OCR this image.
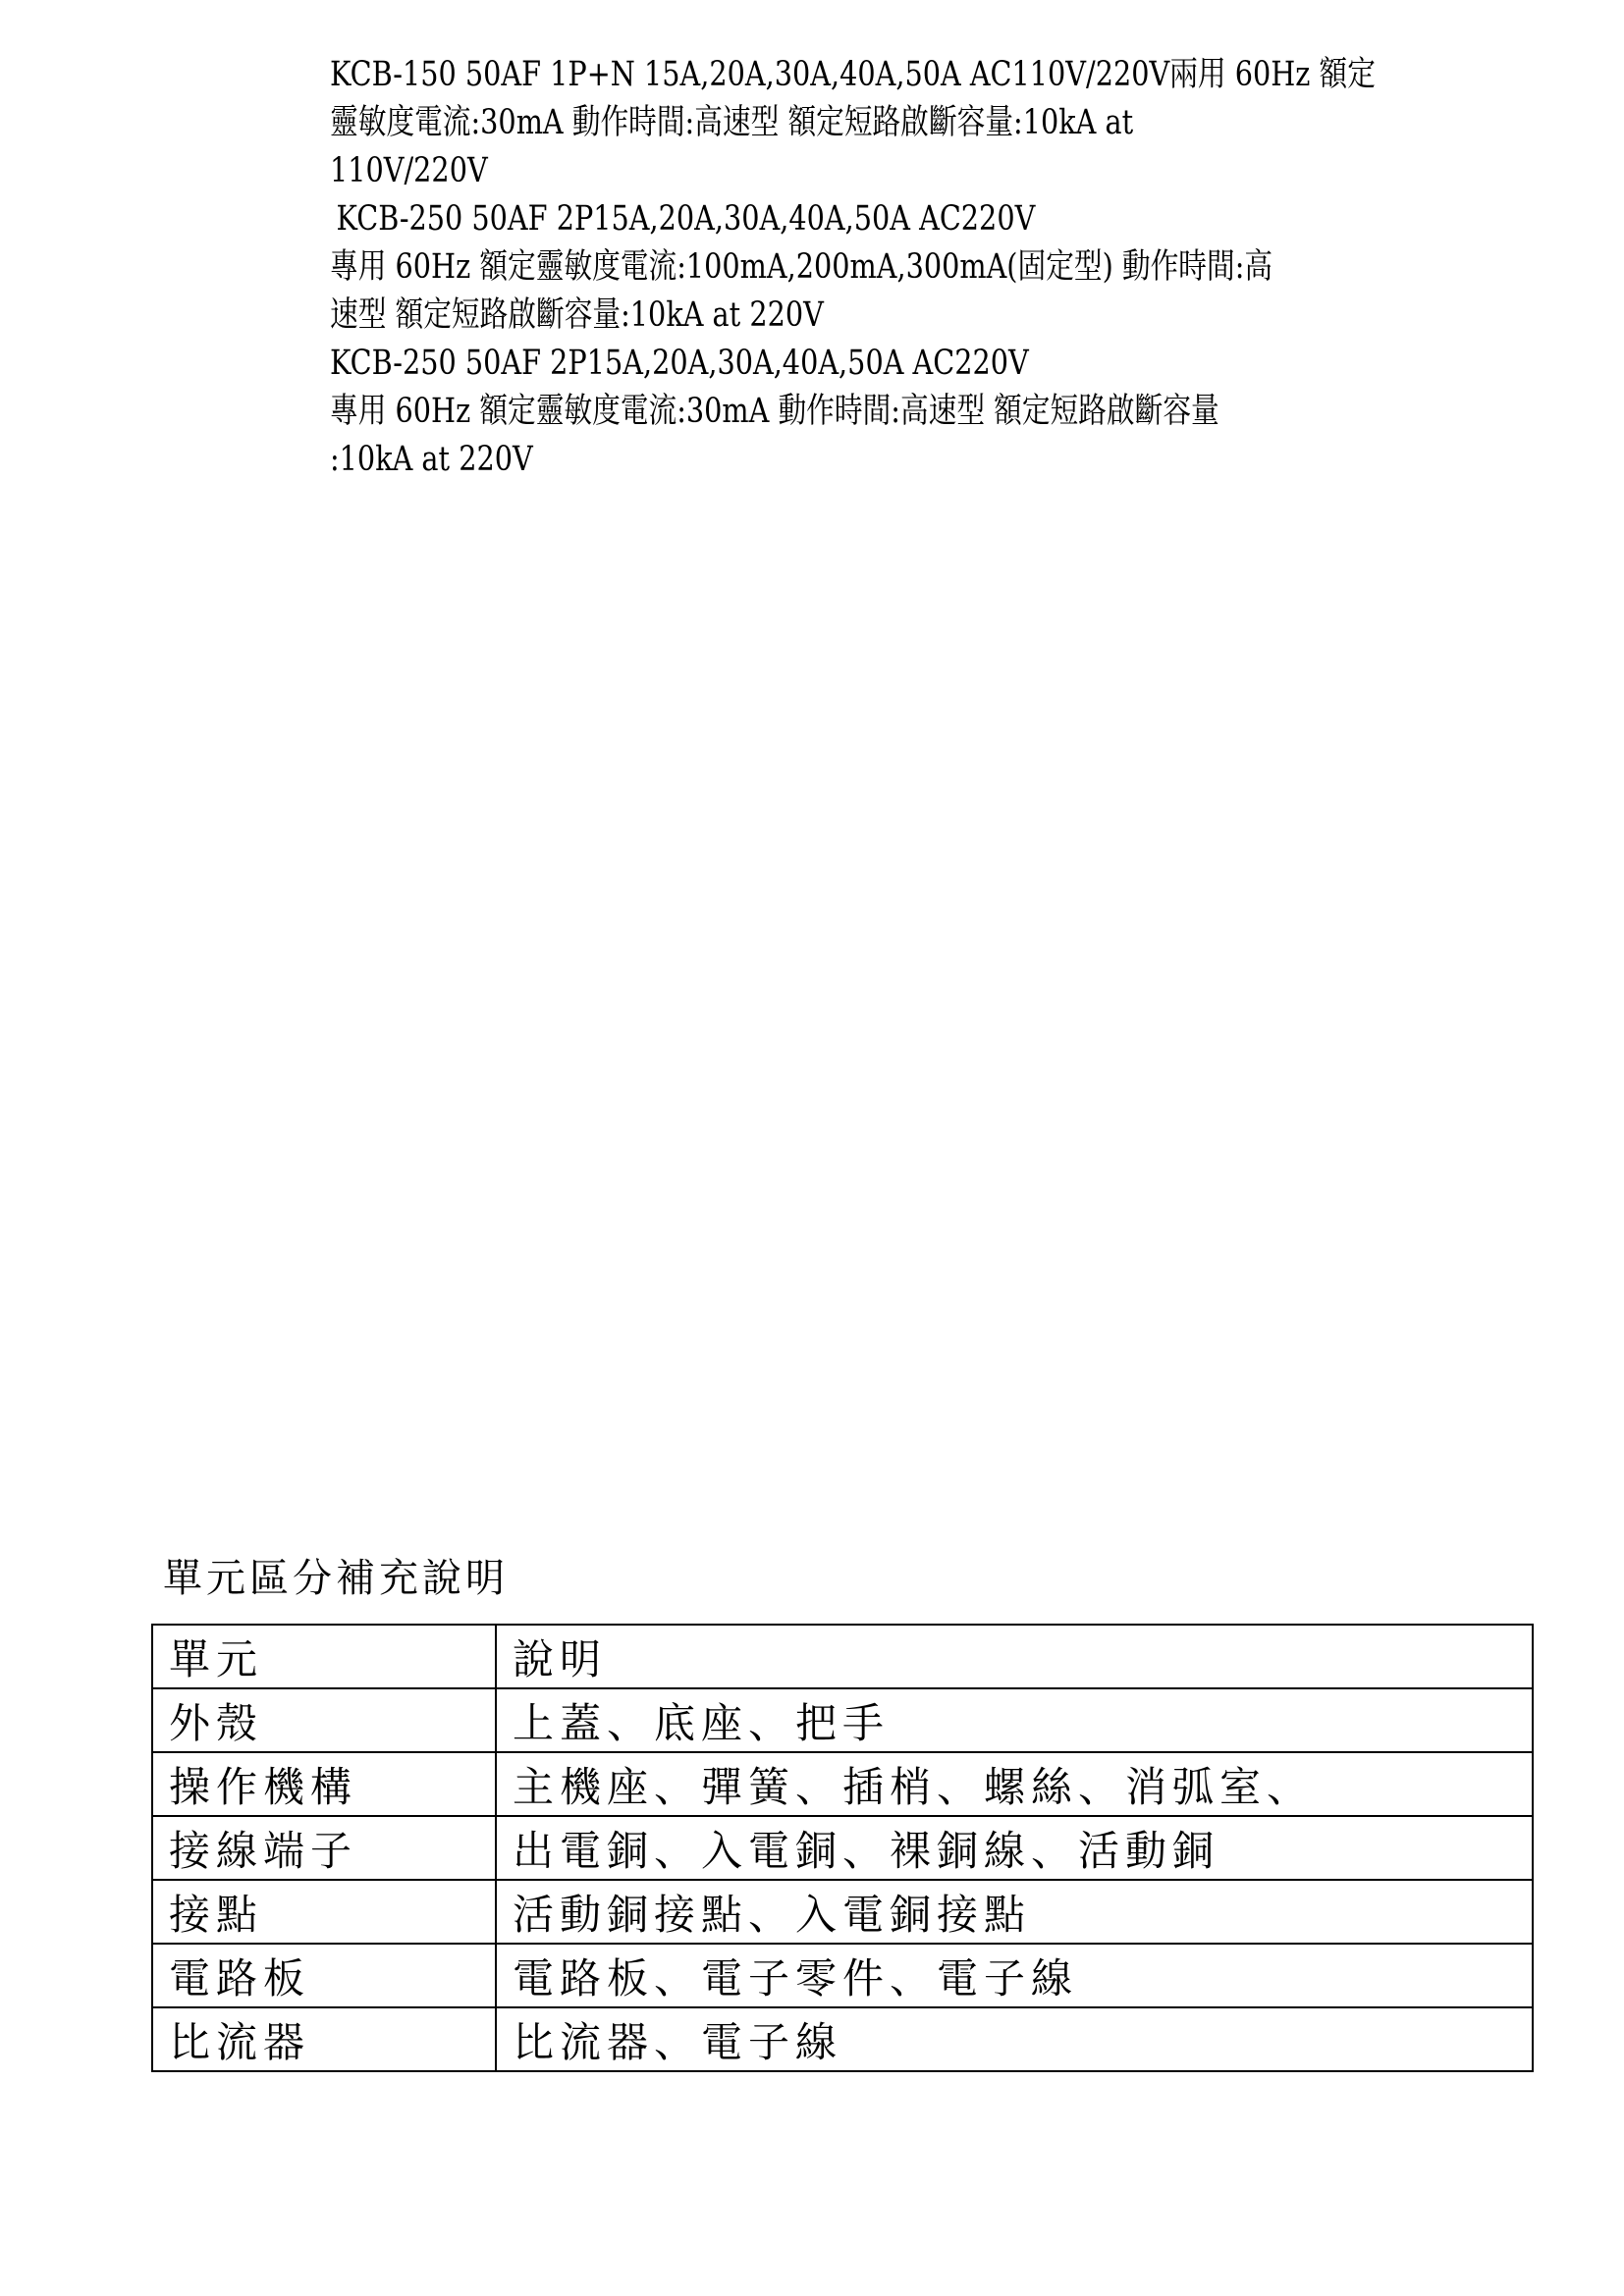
KCB-150 50AF 1P+N 15A,20A,30A,40A,50A AC110V/220V兩用 60Hz 額定
靈敏度電流:30mA 動作時間:高速型 額定短路啟斷容量:10kA at
110V/220V
KCB-250 50AF 2P15A,20A,30A,40A,50A AC220V
專用 60Hz 額定靈敏度電流:100mA,200mA,300mA(固定型) 動作時間:高
速型 額定短路啟斷容量:10kA at 220V
KCB-250 50AF 2P15A,20A,30A,40A,50A AC220V
專用 60Hz 額定靈敏度電流:30mA 動作時間:高速型 額定短路啟斷容量
:10kA at 220V
單元區分補充說明
單元	說明
外殼	上蓋、底座、把手
操作機構	主機座、彈簧、插梢、螺絲、消弧室、
接線端子	出電銅、入電銅、裸銅線、活動銅
接點	活動銅接點、入電銅接點
電路板	電路板、電子零件、電子線
比流器	比流器、電子線
